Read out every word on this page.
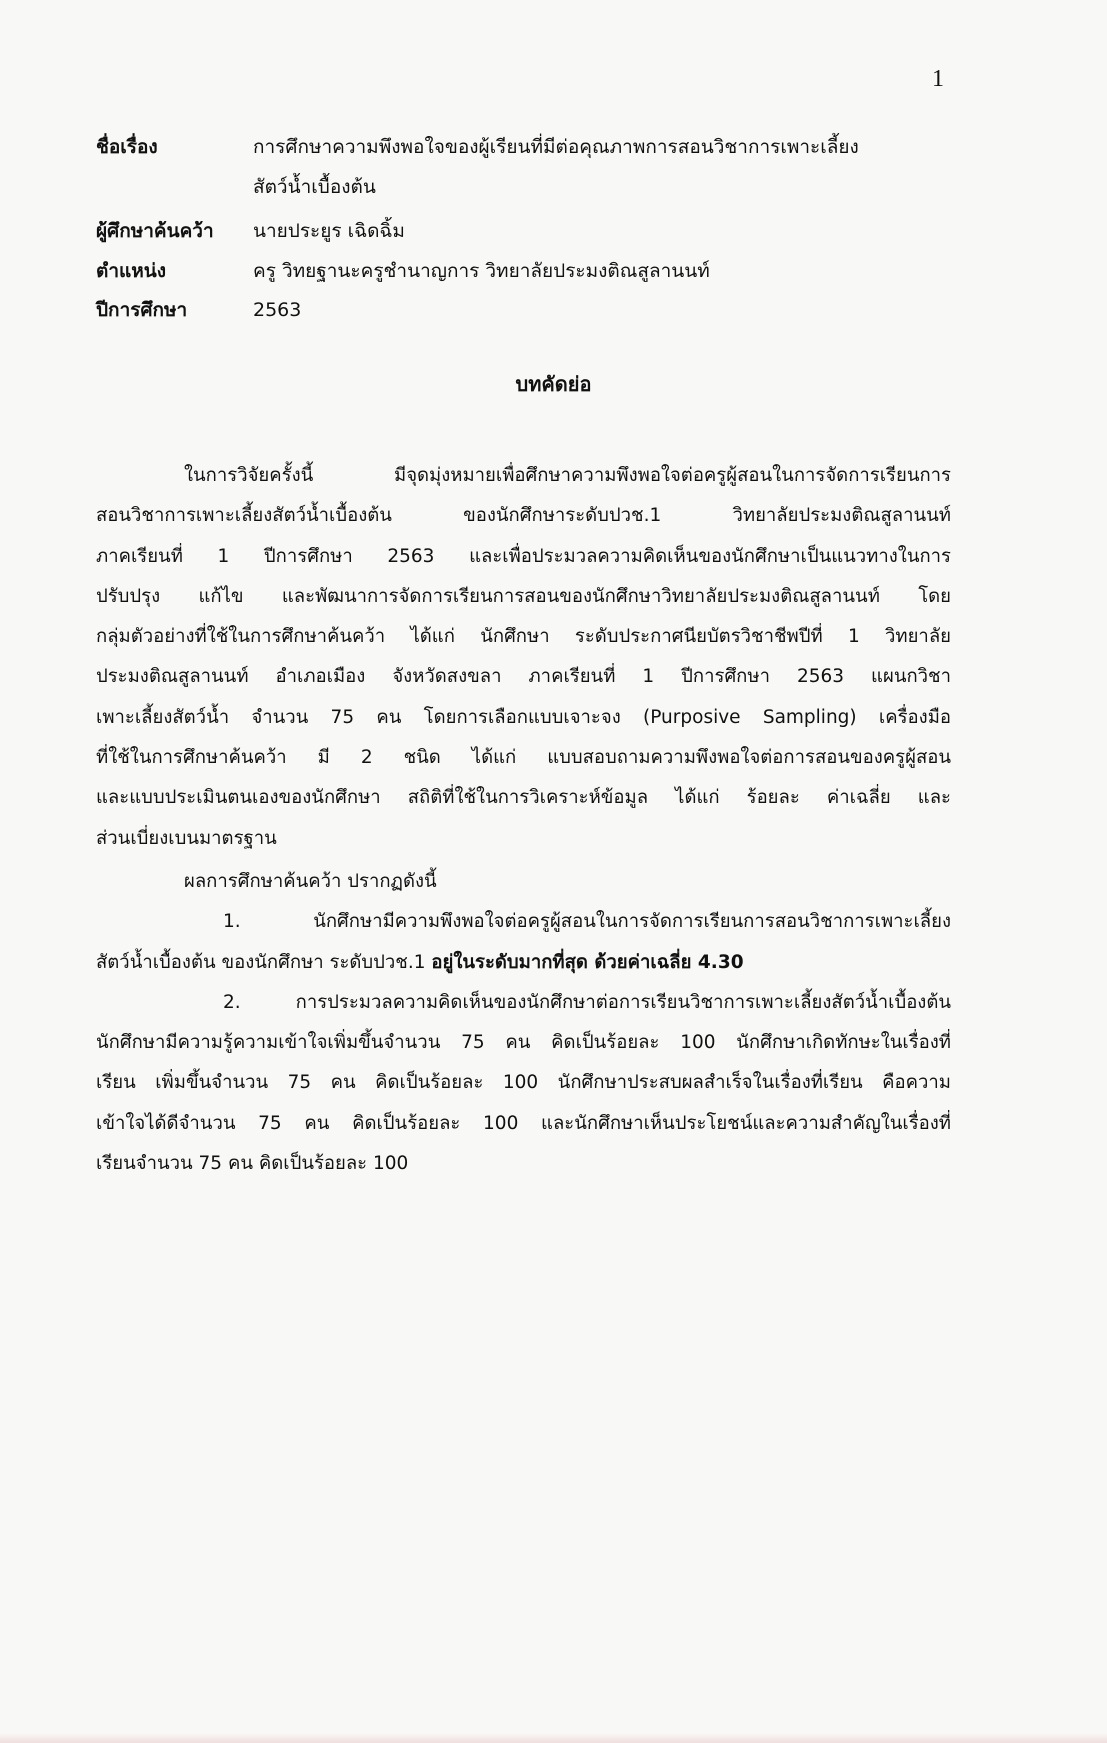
1
ชื่อเรื่อง	การศึกษาความพึงพอใจของผู้เรียนที่มีต่อคุณภาพการสอนวิชาการเพาะเลี้ยง
สัตว์น้ำเบื้องต้น
ผู้ศึกษาค้นคว้า	นายประยูร เฉิดฉิ้ม
ตำแหน่ง	ครู วิทยฐานะครูชำนาญการ วิทยาลัยประมงติณสูลานนท์
ปีการศึกษา	2563
บทคัดย่อ
ในการวิจัยครั้งนี้ มีจุดมุ่งหมายเพื่อศึกษาความพึงพอใจต่อครูผู้สอนในการจัดการเรียนการ
สอนวิชาการเพาะเลี้ยงสัตว์น้ำเบื้องต้น ของนักศึกษาระดับปวช.1 วิทยาลัยประมงติณสูลานนท์
ภาคเรียนที่ 1 ปีการศึกษา 2563 และเพื่อประมวลความคิดเห็นของนักศึกษาเป็นแนวทางในการ
ปรับปรุง แก้ไข และพัฒนาการจัดการเรียนการสอนของนักศึกษาวิทยาลัยประมงติณสูลานนท์ โดย
กลุ่มตัวอย่างที่ใช้ในการศึกษาค้นคว้า ได้แก่ นักศึกษา ระดับประกาศนียบัตรวิชาชีพปีที่ 1 วิทยาลัย
ประมงติณสูลานนท์ อำเภอเมือง จังหวัดสงขลา ภาคเรียนที่ 1 ปีการศึกษา 2563 แผนกวิชา
เพาะเลี้ยงสัตว์น้ำ จำนวน 75 คน โดยการเลือกแบบเจาะจง (Purposive Sampling) เครื่องมือ
ที่ใช้ในการศึกษาค้นคว้า มี 2 ชนิด ได้แก่ แบบสอบถามความพึงพอใจต่อการสอนของครูผู้สอน
และแบบประเมินตนเองของนักศึกษา สถิติที่ใช้ในการวิเคราะห์ข้อมูล ได้แก่ ร้อยละ ค่าเฉลี่ย และ
ส่วนเบี่ยงเบนมาตรฐาน
ผลการศึกษาค้นคว้า ปรากฏดังนี้
1. นักศึกษามีความพึงพอใจต่อครูผู้สอนในการจัดการเรียนการสอนวิชาการเพาะเลี้ยง
สัตว์น้ำเบื้องต้น ของนักศึกษา ระดับปวช.1 อยู่ในระดับมากที่สุด ด้วยค่าเฉลี่ย 4.30
2. การประมวลความคิดเห็นของนักศึกษาต่อการเรียนวิชาการเพาะเลี้ยงสัตว์น้ำเบื้องต้น
นักศึกษามีความรู้ความเข้าใจเพิ่มขึ้นจำนวน 75 คน คิดเป็นร้อยละ 100 นักศึกษาเกิดทักษะในเรื่องที่
เรียน เพิ่มขึ้นจำนวน 75 คน คิดเป็นร้อยละ 100 นักศึกษาประสบผลสำเร็จในเรื่องที่เรียน คือความ
เข้าใจได้ดีจำนวน 75 คน คิดเป็นร้อยละ 100 และนักศึกษาเห็นประโยชน์และความสำคัญในเรื่องที่
เรียนจำนวน 75 คน คิดเป็นร้อยละ 100
